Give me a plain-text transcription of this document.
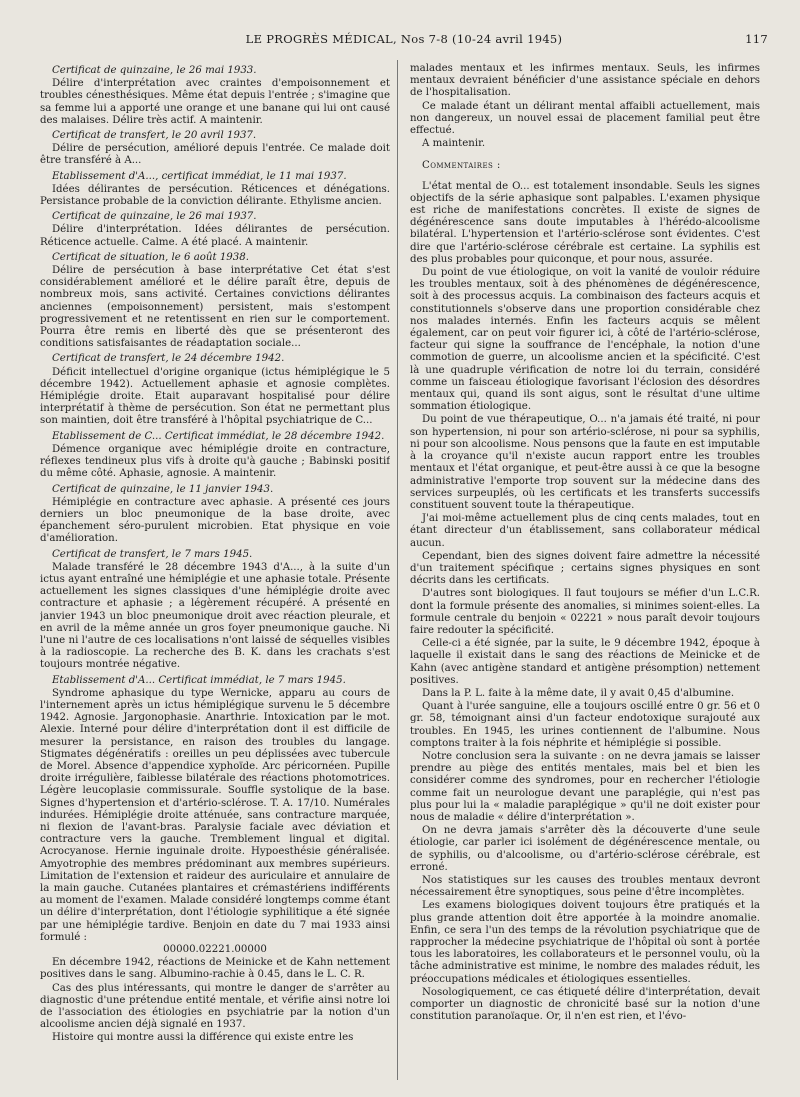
LE PROGRÈS MÉDICAL, Nos 7-8 (10-24 avril 1945)	117

Certificat de quinzaine, le 26 mai 1933.

Délire d'interprétation avec craintes d'empoisonnement et troubles cénesthésiques. Même état depuis l'entrée ; s'imagine que sa femme lui a apporté une orange et une banane qui lui ont causé des malaises. Délire très actif. A maintenir.

Certificat de transfert, le 20 avril 1937.

Délire de persécution, amélioré depuis l'entrée. Ce malade doit être transféré à A...

Etablissement d'A..., certificat immédiat, le 11 mai 1937.

Idées délirantes de persécution. Réticences et dénégations. Persistance probable de la conviction délirante. Ethylisme ancien.

Certificat de quinzaine, le 26 mai 1937.

Délire d'interprétation. Idées délirantes de persécution. Réticence actuelle. Calme. A été placé. A maintenir.

Certificat de situation, le 6 août 1938.

Délire de persécution à base interprétative Cet état s'est considérablement amélioré et le délire paraît être, depuis de nombreux mois, sans activité. Certaines convictions délirantes anciennes (empoisonnement) persistent, mais s'estompent progressivement et ne retentissent en rien sur le comportement. Pourra être remis en liberté dès que se présenteront des conditions satisfaisantes de réadaptation sociale...

Certificat de transfert, le 24 décembre 1942.

Déficit intellectuel d'origine organique (ictus hémiplégique le 5 décembre 1942). Actuellement aphasie et agnosie complètes. Hémiplégie droite. Etait auparavant hospitalisé pour délire interprétatif à thème de persécution. Son état ne permettant plus son maintien, doit être transféré à l'hôpital psychiatrique de C...

Etablissement de C... Certificat immédiat, le 28 décembre 1942.

Démence organique avec hémiplégie droite en contracture, réflexes tendineux plus vifs à droite qu'à gauche ; Babinski positif du même côté. Aphasie, agnosie. A maintenir.

Certificat de quinzaine, le 11 janvier 1943.

Hémiplégie en contracture avec aphasie. A présenté ces jours derniers un bloc pneumonique de la base droite, avec épanchement séro-purulent microbien. Etat physique en voie d'amélioration.

Certificat de transfert, le 7 mars 1945.

Malade transféré le 28 décembre 1943 d'A..., à la suite d'un ictus ayant entraîné une hémiplégie et une aphasie totale. Présente actuellement les signes classiques d'une hémiplégie droite avec contracture et aphasie ; a légèrement récupéré. A présenté en janvier 1943 un bloc pneumonique droit avec réaction pleurale, et en avril de la même année un gros foyer pneumonique gauche. Ni l'une ni l'autre de ces localisations n'ont laissé de séquelles visibles à la radioscopie. La recherche des B. K. dans les crachats s'est toujours montrée négative.

Etablissement d'A... Certificat immédiat, le 7 mars 1945.

Syndrome aphasique du type Wernicke, apparu au cours de l'internement après un ictus hémiplégique survenu le 5 décembre 1942. Agnosie. Jargonophasie. Anarthrie. Intoxication par le mot. Alexie. Interné pour délire d'interprétation dont il est difficile de mesurer la persistance, en raison des troubles du langage. Stigmates dégénératifs : oreilles un peu déplissées avec tubercule de Morel. Absence d'appendice xyphoïde. Arc péricornéen. Pupille droite irrégulière, faiblesse bilatérale des réactions photomotrices. Légère leucoplasie commissurale. Souffle systolique de la base. Signes d'hypertension et d'artério-sclérose. T. A. 17/10. Numérales indurées. Hémiplégie droite atténuée, sans contracture marquée, ni flexion de l'avant-bras. Paralysie faciale avec déviation et contracture vers la gauche. Tremblement lingual et digital. Acrocyanose. Hernie inguinale droite. Hypoesthésie généralisée. Amyotrophie des membres prédominant aux membres supérieurs. Limitation de l'extension et raideur des auriculaire et annulaire de la main gauche. Cutanées plantaires et crémastériens indifférents au moment de l'examen. Malade considéré longtemps comme étant un délire d'interprétation, dont l'étiologie syphilitique a été signée par une hémiplégie tardive. Benjoin en date du 7 mai 1933 ainsi formulé :

00000.02221.00000

En décembre 1942, réactions de Meinicke et de Kahn nettement positives dans le sang. Albumino-rachie à 0.45, dans le L. C. R.

Cas des plus intéressants, qui montre le danger de s'arrêter au diagnostic d'une prétendue entité mentale, et vérifie ainsi notre loi de l'association des étiologies en psychiatrie par la notion d'un alcoolisme ancien déjà signalé en 1937.

Histoire qui montre aussi la différence qui existe entre les

malades mentaux et les infirmes mentaux. Seuls, les infirmes mentaux devraient bénéficier d'une assistance spéciale en dehors de l'hospitalisation.

Ce malade étant un délirant mental affaibli actuellement, mais non dangereux, un nouvel essai de placement familial peut être effectué.

A maintenir.

Commentaires :

L'état mental de O... est totalement insondable. Seuls les signes objectifs de la série aphasique sont palpables. L'examen physique est riche de manifestations concrètes. Il existe de signes de dégénérescence sans doute imputables à l'hérédo-alcoolisme bilatéral. L'hypertension et l'artério-sclérose sont évidentes. C'est dire que l'artério-sclérose cérébrale est certaine. La syphilis est des plus probables pour quiconque, et pour nous, assurée.

Du point de vue étiologique, on voit la vanité de vouloir réduire les troubles mentaux, soit à des phénomènes de dégénérescence, soit à des processus acquis. La combinaison des facteurs acquis et constitutionnels s'observe dans une proportion considérable chez nos malades internés. Enfin les facteurs acquis se mêlent également, car on peut voir figurer ici, à côté de l'artério-sclérose, facteur qui signe la souffrance de l'encéphale, la notion d'une commotion de guerre, un alcoolisme ancien et la spécificité. C'est là une quadruple vérification de notre loi du terrain, considéré comme un faisceau étiologique favorisant l'éclosion des désordres mentaux qui, quand ils sont aigus, sont le résultat d'une ultime sommation étiologique.

Du point de vue thérapeutique, O... n'a jamais été traité, ni pour son hypertension, ni pour son artério-sclérose, ni pour sa syphilis, ni pour son alcoolisme. Nous pensons que la faute en est imputable à la croyance qu'il n'existe aucun rapport entre les troubles mentaux et l'état organique, et peut-être aussi à ce que la besogne administrative l'emporte trop souvent sur la médecine dans des services surpeuplés, où les certificats et les transferts successifs constituent souvent toute la thérapeutique.

J'ai moi-même actuellement plus de cinq cents malades, tout en étant directeur d'un établissement, sans collaborateur médical aucun.

Cependant, bien des signes doivent faire admettre la nécessité d'un traitement spécifique ; certains signes physiques en sont décrits dans les certificats.

D'autres sont biologiques. Il faut toujours se méfier d'un L.C.R. dont la formule présente des anomalies, si minimes soient-elles. La formule centrale du benjoin « 02221 » nous paraît devoir toujours faire redouter la spécificité.

Celle-ci a été signée, par la suite, le 9 décembre 1942, époque à laquelle il existait dans le sang des réactions de Meinicke et de Kahn (avec antigène standard et antigène présomption) nettement positives.

Dans la P. L. faite à la même date, il y avait 0,45 d'albumine.

Quant à l'urée sanguine, elle a toujours oscillé entre 0 gr. 56 et 0 gr. 58, témoignant ainsi d'un facteur endotoxique surajouté aux troubles. En 1945, les urines contiennent de l'albumine. Nous comptons traiter à la fois néphrite et hémiplégie si possible.

Notre conclusion sera la suivante : on ne devra jamais se laisser prendre au piège des entités mentales, mais bel et bien les considérer comme des syndromes, pour en rechercher l'étiologie comme fait un neurologue devant une paraplégie, qui n'est pas plus pour lui la « maladie paraplégique » qu'il ne doit exister pour nous de maladie « délire d'interprétation ».

On ne devra jamais s'arrêter dès la découverte d'une seule étiologie, car parler ici isolément de dégénérescence mentale, ou de syphilis, ou d'alcoolisme, ou d'artério-sclérose cérébrale, est erroné.

Nos statistiques sur les causes des troubles mentaux devront nécessairement être synoptiques, sous peine d'être incomplètes.

Les examens biologiques doivent toujours être pratiqués et la plus grande attention doit être apportée à la moindre anomalie. Enfin, ce sera l'un des temps de la révolution psychiatrique que de rapprocher la médecine psychiatrique de l'hôpital où sont à portée tous les laboratoires, les collaborateurs et le personnel voulu, où la tâche administrative est minime, le nombre des malades réduit, les préoccupations médicales et étiologiques essentielles.

Nosologiquement, ce cas étiqueté délire d'interprétation, devait comporter un diagnostic de chronicité basé sur la notion d'une constitution paranoïaque. Or, il n'en est rien, et l'évo-
